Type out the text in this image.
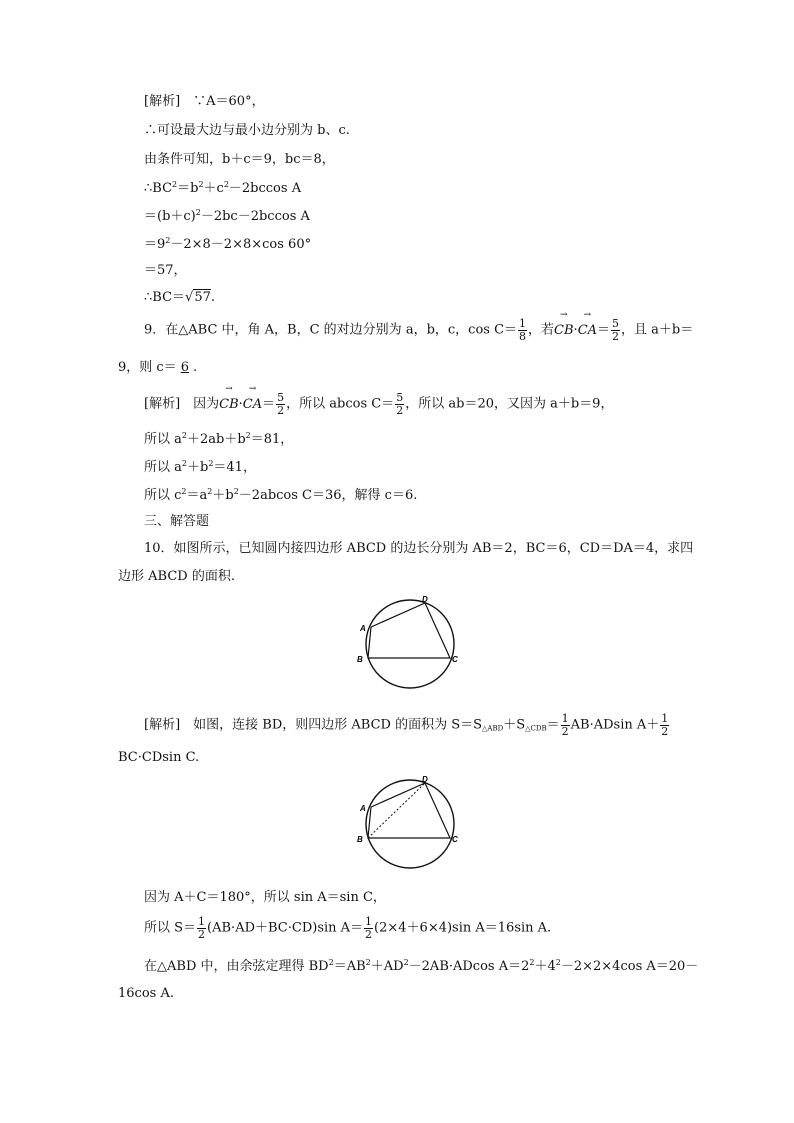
[解析]　∵A＝60°，
∴可设最大边与最小边分别为 b、c.
由条件可知，b＋c＝9，bc＝8，
$\therefore BC^2=b^2+c^2-2bccos$ A
$=(b+c)^2-2bc-2bccos$ A
$=9^2-2\times 8-2\times 8\times\cos$ 60°
＝57，
∴BC＝√57.
9．在△ABC 中，角 A，B，C 的对边分别为 a，b，c，$\cos C= \frac{1}{8}$ ，若→ $CB\cdot\to CA= \frac{5}{2}$ ，且 a＋b＝
9，则 c＝ 6 .
[解析]　因为→ $CB\cdot\to CA= \frac{5}{2}$ ，所以 abcos $C= \frac{5}{2}$ ，所以 ab＝20，又因为 a＋b＝9，
所以 $a^2+2ab+b^2=81$，
所以 $a^2+b^2=41$，
所以 $c^2=a^2+b^2-2abcos$ C＝36，解得 c＝6.
三、解答题
10．如图所示，已知圆内接四边形 ABCD 的边长分别为 AB＝2，BC＝6，CD＝DA＝4，求四
边形 ABCD 的面积.
D
A
B	C
[解析]　如图，连接 BD，则四边形 ABCD 的面积为 $S=S_{\triangle ABD}+S_{\triangle CDB}= \frac{1}{2} AB\cdot ADsin$ $A+ \frac{1}{2}$
BC·CDsin C.
D
A
B	C
因为 A＋C＝180°，所以 sin A＝sin C，
所以 $S= \frac{1}{2} (AB\cdot AD+BC\cdot CD)\sin$ $A= \frac{1}{2} (2\times 4+6\times 4)\sin$ A＝16sin A.
在△ABD 中，由余弦定理得 $BD^2=AB^2+AD^2-2AB\cdot ADcos$ $A=2^2+4^2-2\times 2\times 4\cos$ A＝20－
16cos A.
